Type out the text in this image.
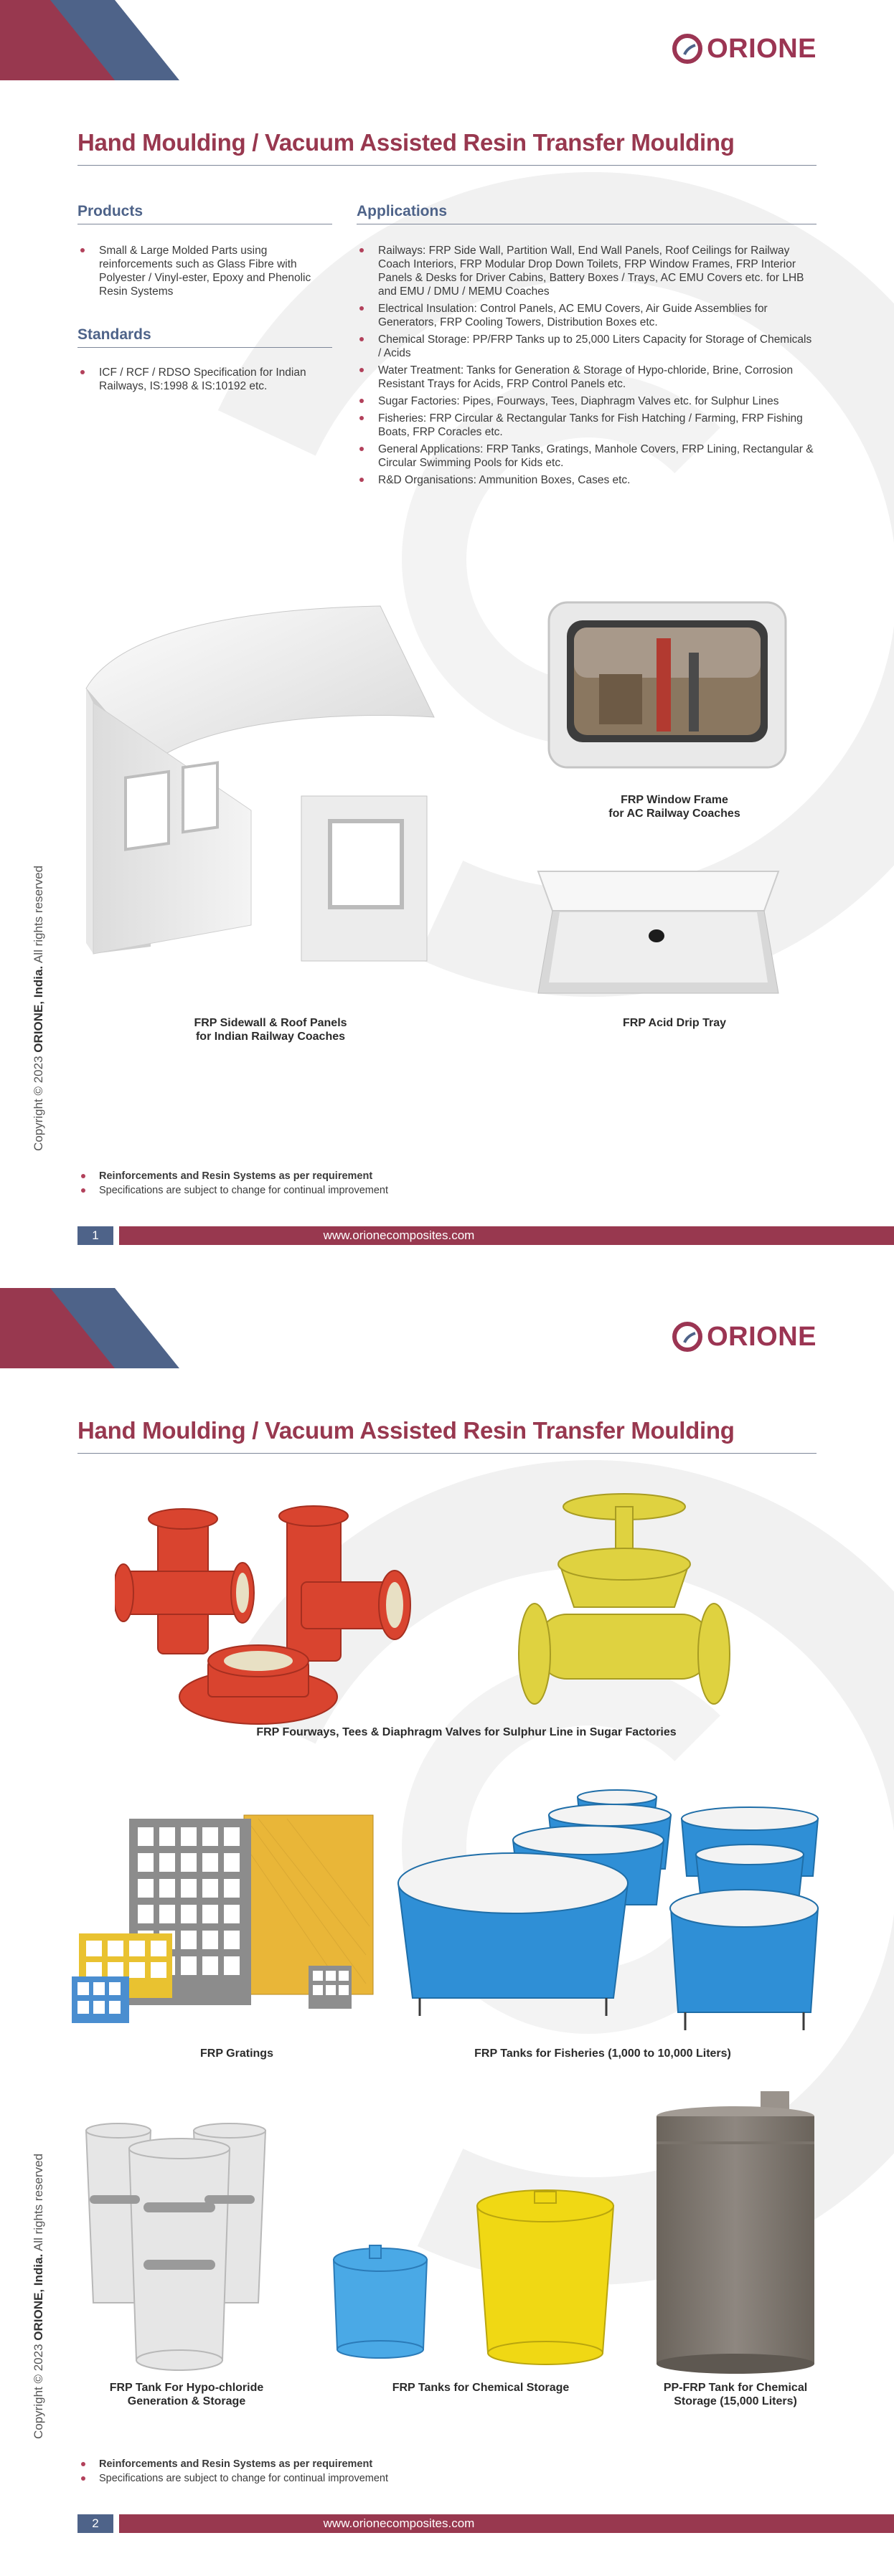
ORIONE
Hand Moulding / Vacuum Assisted Resin Transfer Moulding
Products
Small & Large Molded Parts using reinforcements such as Glass Fibre with Polyester / Vinyl-ester, Epoxy and Phenolic Resin Systems
Standards
ICF / RCF / RDSO Specification for Indian Railways, IS:1998 & IS:10192 etc.
Applications
Railways: FRP Side Wall, Partition Wall, End Wall Panels, Roof Ceilings for Railway Coach Interiors, FRP Modular Drop Down Toilets, FRP Window Frames, FRP Interior Panels & Desks for Driver Cabins, Battery Boxes / Trays, AC EMU Covers etc. for LHB and EMU / DMU / MEMU Coaches
Electrical Insulation: Control Panels, AC EMU Covers, Air Guide Assemblies for Generators, FRP Cooling Towers, Distribution Boxes etc.
Chemical Storage: PP/FRP Tanks up to 25,000 Liters Capacity for Storage of Chemicals / Acids
Water Treatment: Tanks for Generation & Storage of Hypo-chloride, Brine, Corrosion Resistant Trays for Acids, FRP Control Panels etc.
Sugar Factories: Pipes, Fourways, Tees, Diaphragm Valves etc. for Sulphur Lines
Fisheries: FRP Circular & Rectangular Tanks for Fish Hatching / Farming, FRP Fishing Boats, FRP Coracles etc.
General Applications: FRP Tanks, Gratings, Manhole Covers, FRP Lining, Rectangular & Circular Swimming Pools for Kids etc.
R&D Organisations: Ammunition Boxes, Cases etc.
FRP Sidewall & Roof Panels
for Indian Railway Coaches
FRP Window Frame
for AC Railway Coaches
FRP Acid Drip Tray
Copyright © 2023 ORIONE, India. All rights reserved
Reinforcements and Resin Systems as per requirement
Specifications are subject to change for continual improvement
1	www.orionecomposites.com
ORIONE
Hand Moulding / Vacuum Assisted Resin Transfer Moulding
FRP Fourways, Tees & Diaphragm Valves for Sulphur Line in Sugar Factories
FRP Gratings	FRP Tanks for Fisheries (1,000 to 10,000 Liters)
FRP Tank For Hypo-chloride
Generation & Storage
FRP Tanks for Chemical Storage	PP-FRP Tank for Chemical
Storage (15,000 Liters)
Copyright © 2023 ORIONE, India. All rights reserved
Reinforcements and Resin Systems as per requirement
Specifications are subject to change for continual improvement
2	www.orionecomposites.com
